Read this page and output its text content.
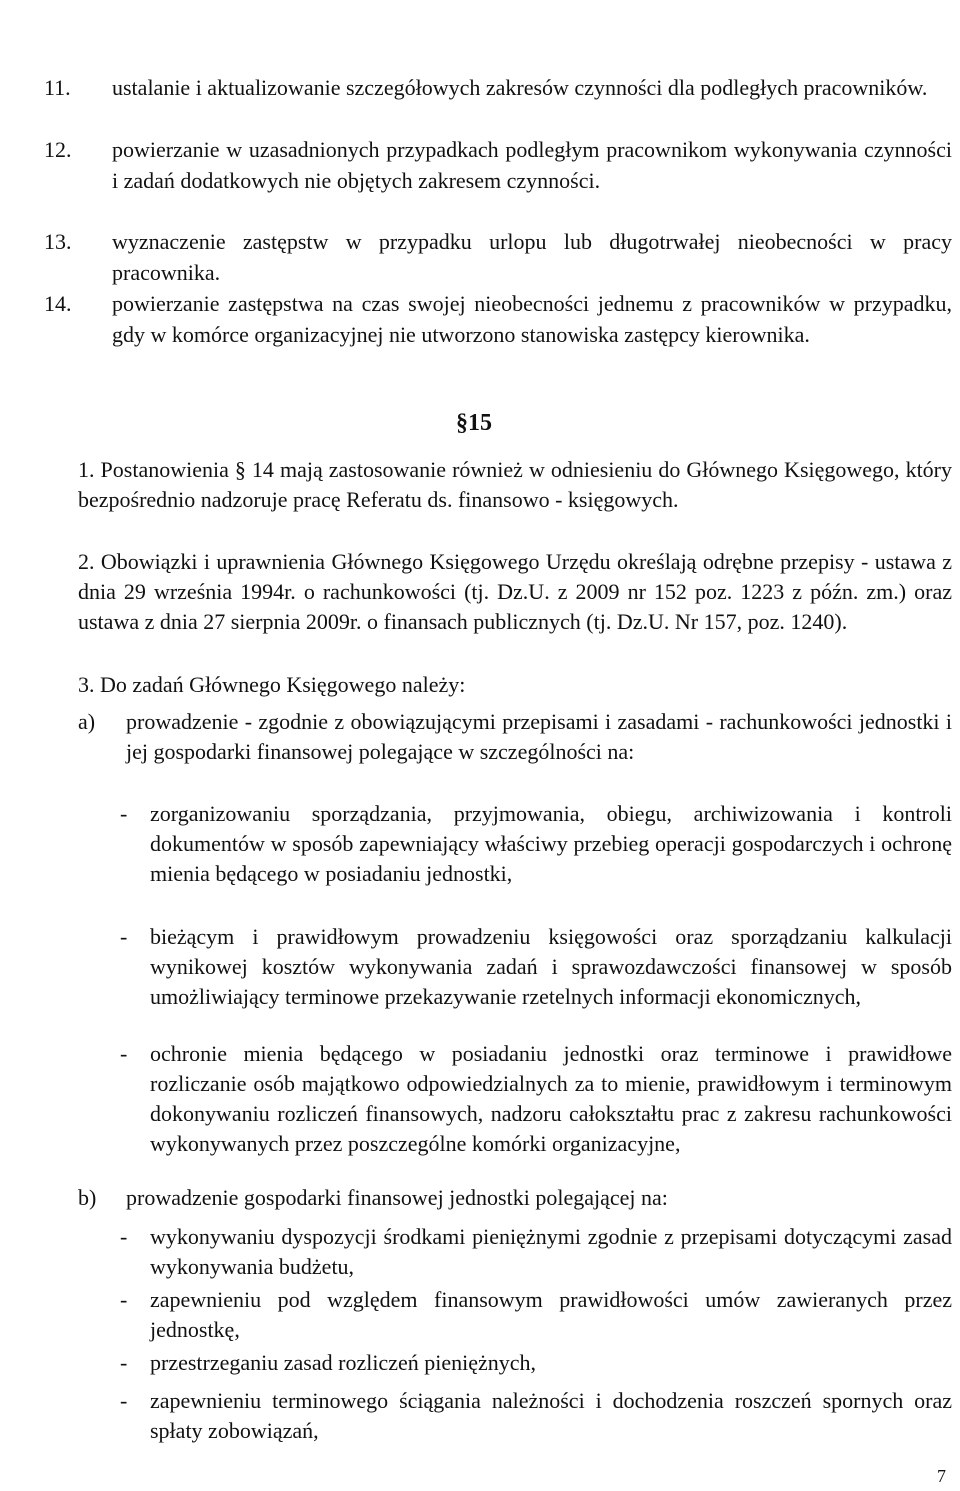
11. ustalanie i aktualizowanie szczegółowych zakresów czynności dla podległych pracowników.
12. powierzanie w uzasadnionych przypadkach podległym pracownikom wykonywania czynności i zadań dodatkowych nie objętych zakresem czynności.
13. wyznaczenie zastępstw w przypadku urlopu lub długotrwałej nieobecności w pracy pracownika.
14. powierzanie zastępstwa na czas swojej nieobecności jednemu z pracowników w przypadku, gdy w komórce organizacyjnej nie utworzono stanowiska zastępcy kierownika.
§15
1. Postanowienia § 14 mają zastosowanie również w odniesieniu do Głównego Księgowego, który bezpośrednio nadzoruje pracę Referatu ds. finansowo - księgowych.
2. Obowiązki i uprawnienia Głównego Księgowego Urzędu określają odrębne przepisy - ustawa z dnia 29 września 1994r. o rachunkowości (tj. Dz.U. z 2009 nr 152 poz. 1223 z późn. zm.) oraz ustawa z dnia 27 sierpnia 2009r. o finansach publicznych (tj. Dz.U. Nr 157, poz. 1240).
3. Do zadań Głównego Księgowego należy:
a) prowadzenie - zgodnie z obowiązującymi przepisami i zasadami - rachunkowości jednostki i jej gospodarki finansowej polegające w szczególności na:
-	zorganizowaniu sporządzania, przyjmowania, obiegu, archiwizowania i kontroli dokumentów w sposób zapewniający właściwy przebieg operacji gospodarczych i ochronę mienia będącego w posiadaniu jednostki,
-	bieżącym i prawidłowym prowadzeniu księgowości oraz sporządzaniu kalkulacji wynikowej kosztów wykonywania zadań i sprawozdawczości finansowej w sposób umożliwiający terminowe przekazywanie rzetelnych informacji ekonomicznych,
-	ochronie mienia będącego w posiadaniu jednostki oraz terminowe i prawidłowe rozliczanie osób majątkowo odpowiedzialnych za to mienie, prawidłowym i terminowym dokonywaniu rozliczeń finansowych, nadzoru całokształtu prac z zakresu rachunkowości wykonywanych przez poszczególne komórki organizacyjne,
b) prowadzenie gospodarki finansowej jednostki polegającej na:
-	wykonywaniu dyspozycji środkami pieniężnymi zgodnie z przepisami dotyczącymi zasad wykonywania budżetu,
-	zapewnieniu pod względem finansowym prawidłowości umów zawieranych przez jednostkę,
-	przestrzeganiu zasad rozliczeń pieniężnych,
-	zapewnieniu terminowego ściągania należności i dochodzenia roszczeń spornych oraz spłaty zobowiązań,
7
